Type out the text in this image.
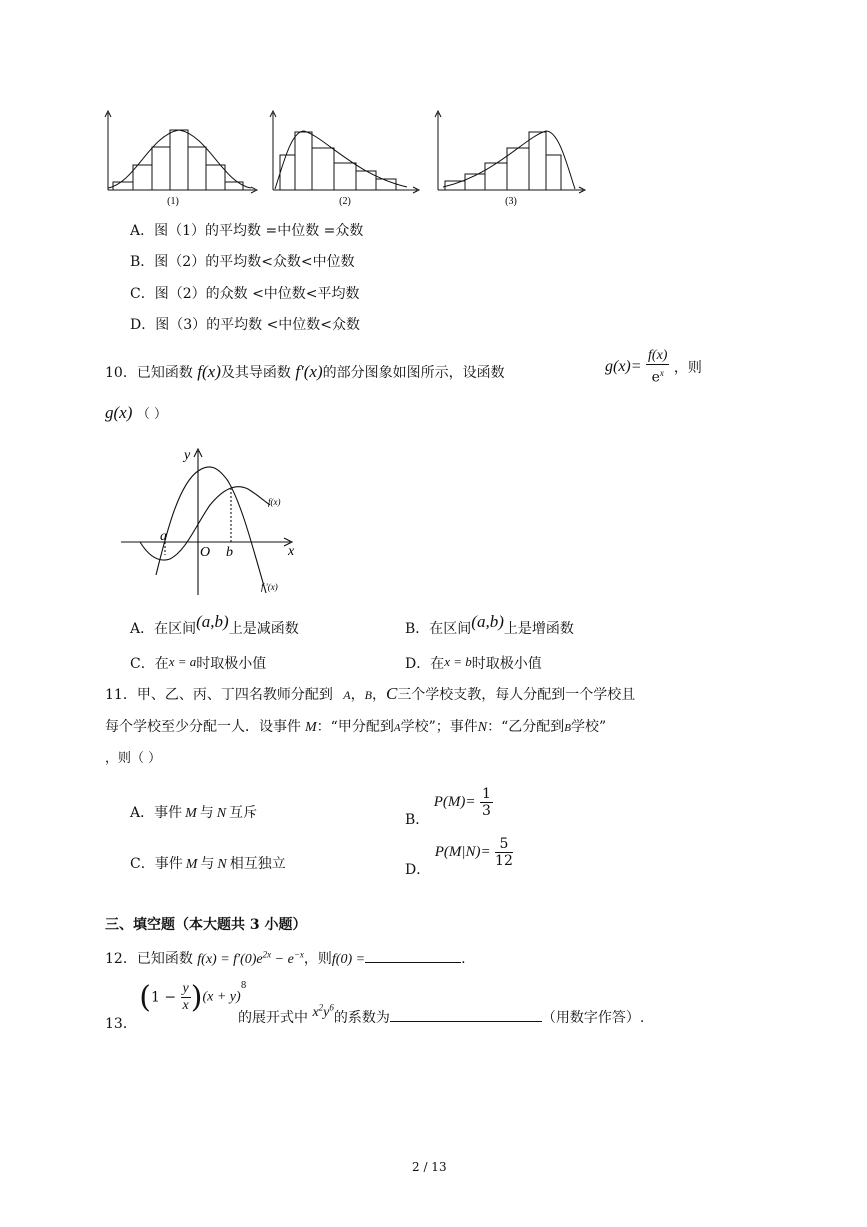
(1)	(2)	(3)
A．图（1）的平均数 =中位数 =众数
B．图（2）的平均数<众数<中位数
C．图（2）的众数 <中位数<平均数
D．图（3）的平均数 <中位数<众数
10．已知函数 f(x)及其导函数 f′(x)的部分图象如图所示，设函数	$g(x)= \frac{f(x)}{e^x}$ ，则
g(x) （ ）
y
x
O
a
b
f(x)
f ′(x)
A．在区间(a,b)上是减函数	B．在区间(a,b)上是增函数
C．在x = a时取极小值	D．在x = b时取极小值
11．甲、乙、丙、丁四名教师分配到 A，B，C三个学校支教，每人分配到一个学校且
每个学校至少分配一人．设事件 M：“甲分配到A学校”；事件N：“乙分配到B学校”
，则（ ）
A．事件 M 与 N 互斥	B． $P(M)= \frac{1}{3}$
C．事件 M 与 N 相互独立	D． $P(M|N)= \frac{5}{12}$
三、填空题（本大题共 3 小题）
12．已知函数 $f(x) = f'(0)e^{2x} - e^{-x}$，则f(0) =	.
13． $(1 - \frac{y}{x} )(x + y)^8$
的展开式中 $x^2y^6$的系数为	（用数字作答）.
2 / 13
